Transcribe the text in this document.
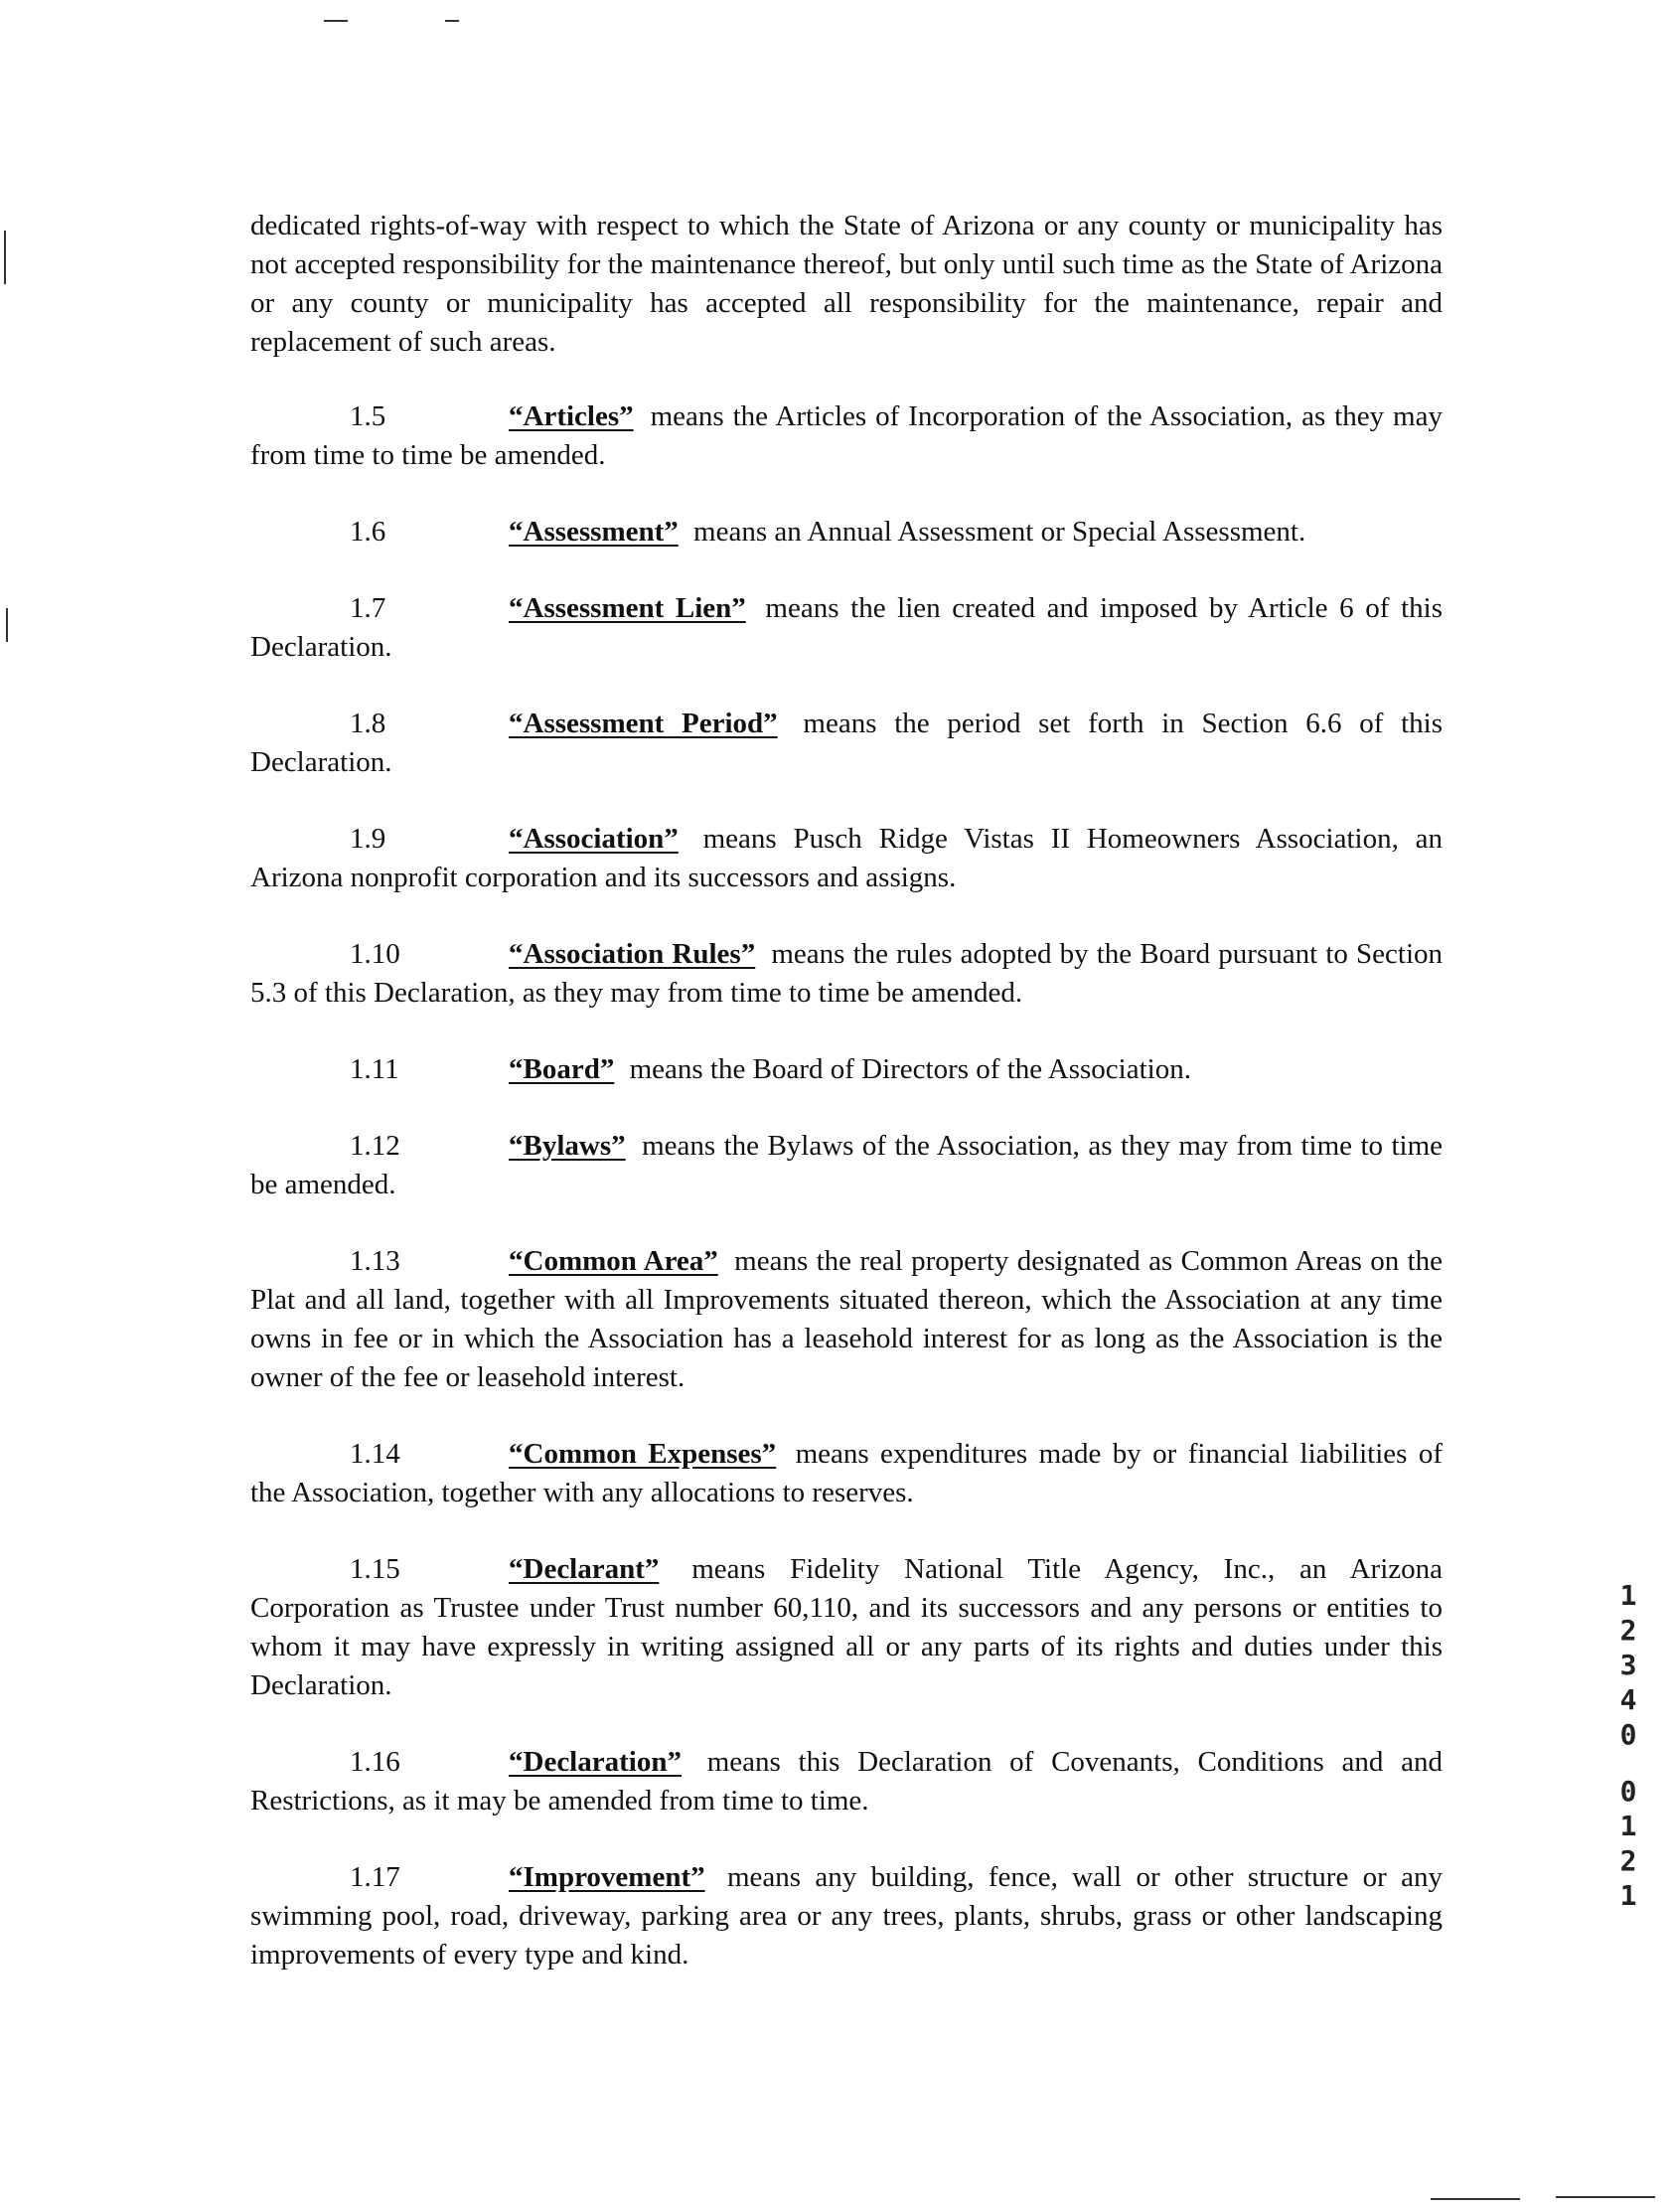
dedicated rights-of-way with respect to which the State of Arizona or any county or municipality has not accepted responsibility for the maintenance thereof, but only until such time as the State of Arizona or any county or municipality has accepted all responsibility for the maintenance, repair and replacement of such areas.

1.5	“Articles” means the Articles of Incorporation of the Association, as they may from time to time be amended.

1.6	“Assessment” means an Annual Assessment or Special Assessment.

1.7	“Assessment Lien” means the lien created and imposed by Article 6 of this Declaration.

1.8	“Assessment Period” means the period set forth in Section 6.6 of this Declaration.

1.9	“Association” means Pusch Ridge Vistas II Homeowners Association, an Arizona nonprofit corporation and its successors and assigns.

1.10	“Association Rules” means the rules adopted by the Board pursuant to Section 5.3 of this Declaration, as they may from time to time be amended.

1.11	“Board” means the Board of Directors of the Association.

1.12	“Bylaws” means the Bylaws of the Association, as they may from time to time be amended.

1.13	“Common Area” means the real property designated as Common Areas on the Plat and all land, together with all Improvements situated thereon, which the Association at any time owns in fee or in which the Association has a leasehold interest for as long as the Association is the owner of the fee or leasehold interest.

1.14	“Common Expenses” means expenditures made by or financial liabilities of the Association, together with any allocations to reserves.

1.15	“Declarant” means Fidelity National Title Agency, Inc., an Arizona Corporation as Trustee under Trust number 60,110, and its successors and any persons or entities to whom it may have expressly in writing assigned all or any parts of its rights and duties under this Declaration.

1.16	“Declaration” means this Declaration of Covenants, Conditions and and Restrictions, as it may be amended from time to time.

1.17	“Improvement” means any building, fence, wall or other structure or any swimming pool, road, driveway, parking area or any trees, plants, shrubs, grass or other landscaping improvements of every type and kind.

1
2
3
4
0
0
1
2
1
